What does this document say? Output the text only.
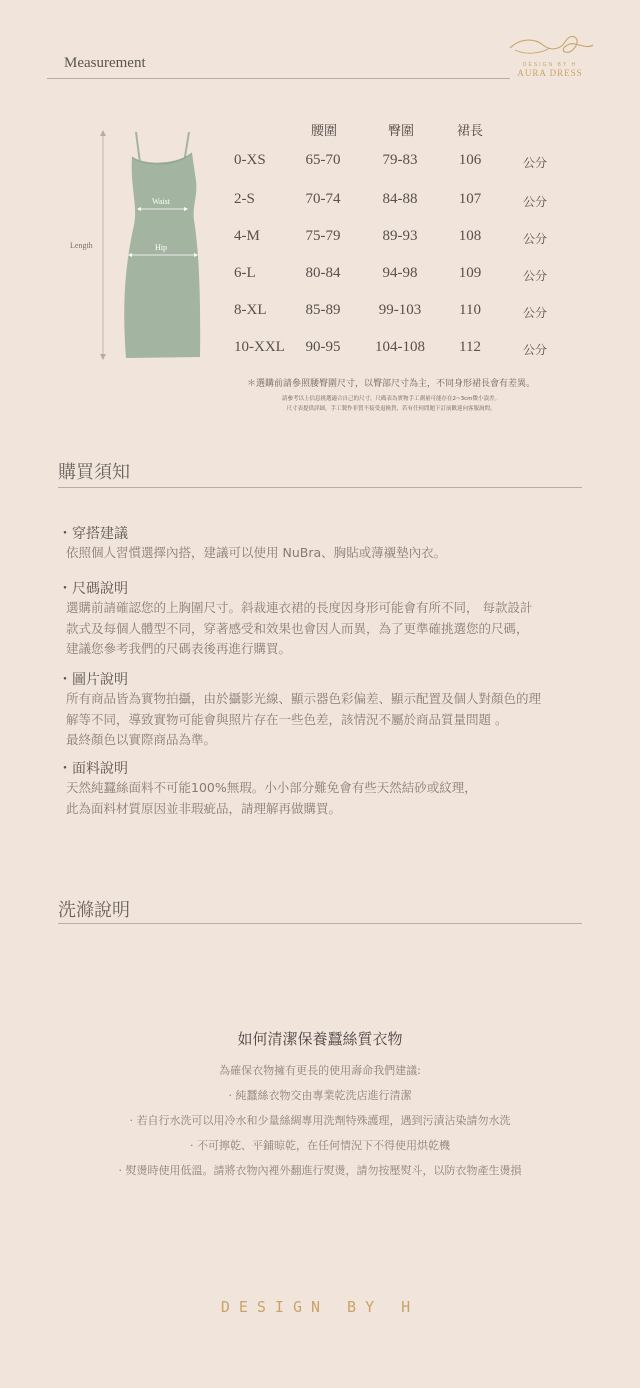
Measurement	DESIGN BY H
AURA DRESS
Length
Waist
Hip
腰圍	臀圍	裙長
0-XS	65-70	79-83	106	公分
2-S	70-74	84-88	107	公分
4-M	75-79	89-93	108	公分
6-L	80-84	94-98	109	公分
8-XL	85-89	99-103	110	公分
10-XXL	90-95	104-108	112	公分
＊選購前請參照腰臀圍尺寸，以臀部尺寸為主，不同身形裙長會有差異。
請參考以上信息挑選適合自己的尺寸，尺碼表為實物手工測量可能存在2~3cm微小誤差。
尺寸表提供詳細，手工製作非質不接受退換貨，若有任何問題下訂前歡迎向客服詢問。
購買須知
・穿搭建議
依照個人習慣選擇內搭，建議可以使用 NuBra、胸貼或薄襯墊內衣。
・尺碼說明
選購前請確認您的上胸圍尺寸。斜裁連衣裙的長度因身形可能會有所不同， 每款設計
款式及每個人體型不同，穿著感受和效果也會因人而異，為了更準確挑選您的尺碼，
建議您參考我們的尺碼表後再進行購買。
・圖片說明
所有商品皆為實物拍攝，由於攝影光線、顯示器色彩偏差、顯示配置及個人對顏色的理
解等不同，導致實物可能會與照片存在一些色差，該情況不屬於商品質量問題 。
最終顏色以實際商品為準。
・面料說明
天然純蠶絲面料不可能100%無瑕。小小部分難免會有些天然結砂或紋理，
此為面料材質原因並非瑕疵品，請理解再做購買。
洗滌說明
如何清潔保養蠶絲質衣物
為確保衣物擁有更長的使用壽命我們建議:
· 純蠶絲衣物交由專業乾洗店進行清潔
· 若自行水洗可以用冷水和少量絲綢專用洗劑特殊護理，遇到污漬沾染請勿水洗
· 不可擰乾、平鋪晾乾，在任何情況下不得使用烘乾機
· 熨燙時使用低溫。請將衣物內裡外翻進行熨燙，請勿按壓熨斗，以防衣物產生燙損
DESIGN BY H
